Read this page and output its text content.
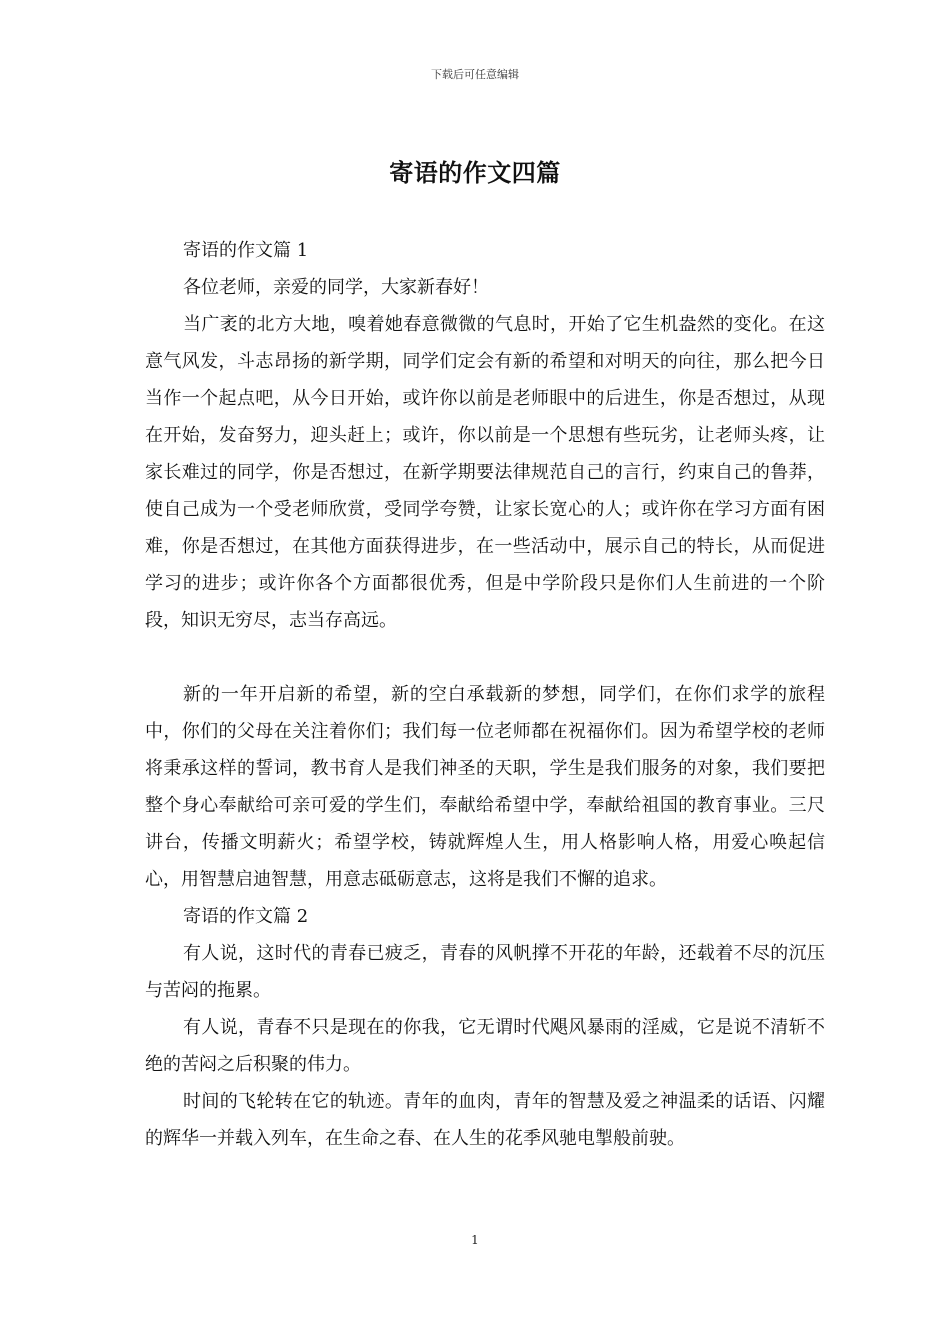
下载后可任意编辑
寄语的作文四篇

寄语的作文篇 1

各位老师，亲爱的同学，大家新春好！

当广袤的北方大地，嗅着她春意微微的气息时，开始了它生机盎然的变化。在这意气风发，斗志昂扬的新学期，同学们定会有新的希望和对明天的向往，那么把今日当作一个起点吧，从今日开始，或许你以前是老师眼中的后进生，你是否想过，从现在开始，发奋努力，迎头赶上；或许，你以前是一个思想有些玩劣，让老师头疼，让家长难过的同学，你是否想过，在新学期要法律规范自己的言行，约束自己的鲁莽，使自己成为一个受老师欣赏，受同学夸赞，让家长宽心的人；或许你在学习方面有困难，你是否想过，在其他方面获得进步，在一些活动中，展示自己的特长，从而促进学习的进步；或许你各个方面都很优秀，但是中学阶段只是你们人生前进的一个阶段，知识无穷尽，志当存高远。

新的一年开启新的希望，新的空白承载新的梦想，同学们，在你们求学的旅程中，你们的父母在关注着你们；我们每一位老师都在祝福你们。因为希望学校的老师将秉承这样的誓词，教书育人是我们神圣的天职，学生是我们服务的对象，我们要把整个身心奉献给可亲可爱的学生们，奉献给希望中学，奉献给祖国的教育事业。三尺讲台，传播文明薪火；希望学校，铸就辉煌人生，用人格影响人格，用爱心唤起信心，用智慧启迪智慧，用意志砥砺意志，这将是我们不懈的追求。

寄语的作文篇 2

有人说，这时代的青春已疲乏，青春的风帆撑不开花的年龄，还载着不尽的沉压与苦闷的拖累。

有人说，青春不只是现在的你我，它无谓时代飓风暴雨的淫威，它是说不清斩不绝的苦闷之后积聚的伟力。

时间的飞轮转在它的轨迹。青年的血肉，青年的智慧及爱之神温柔的话语、闪耀的辉华一并载入列车，在生命之春、在人生的花季风驰电掣般前驶。

1
